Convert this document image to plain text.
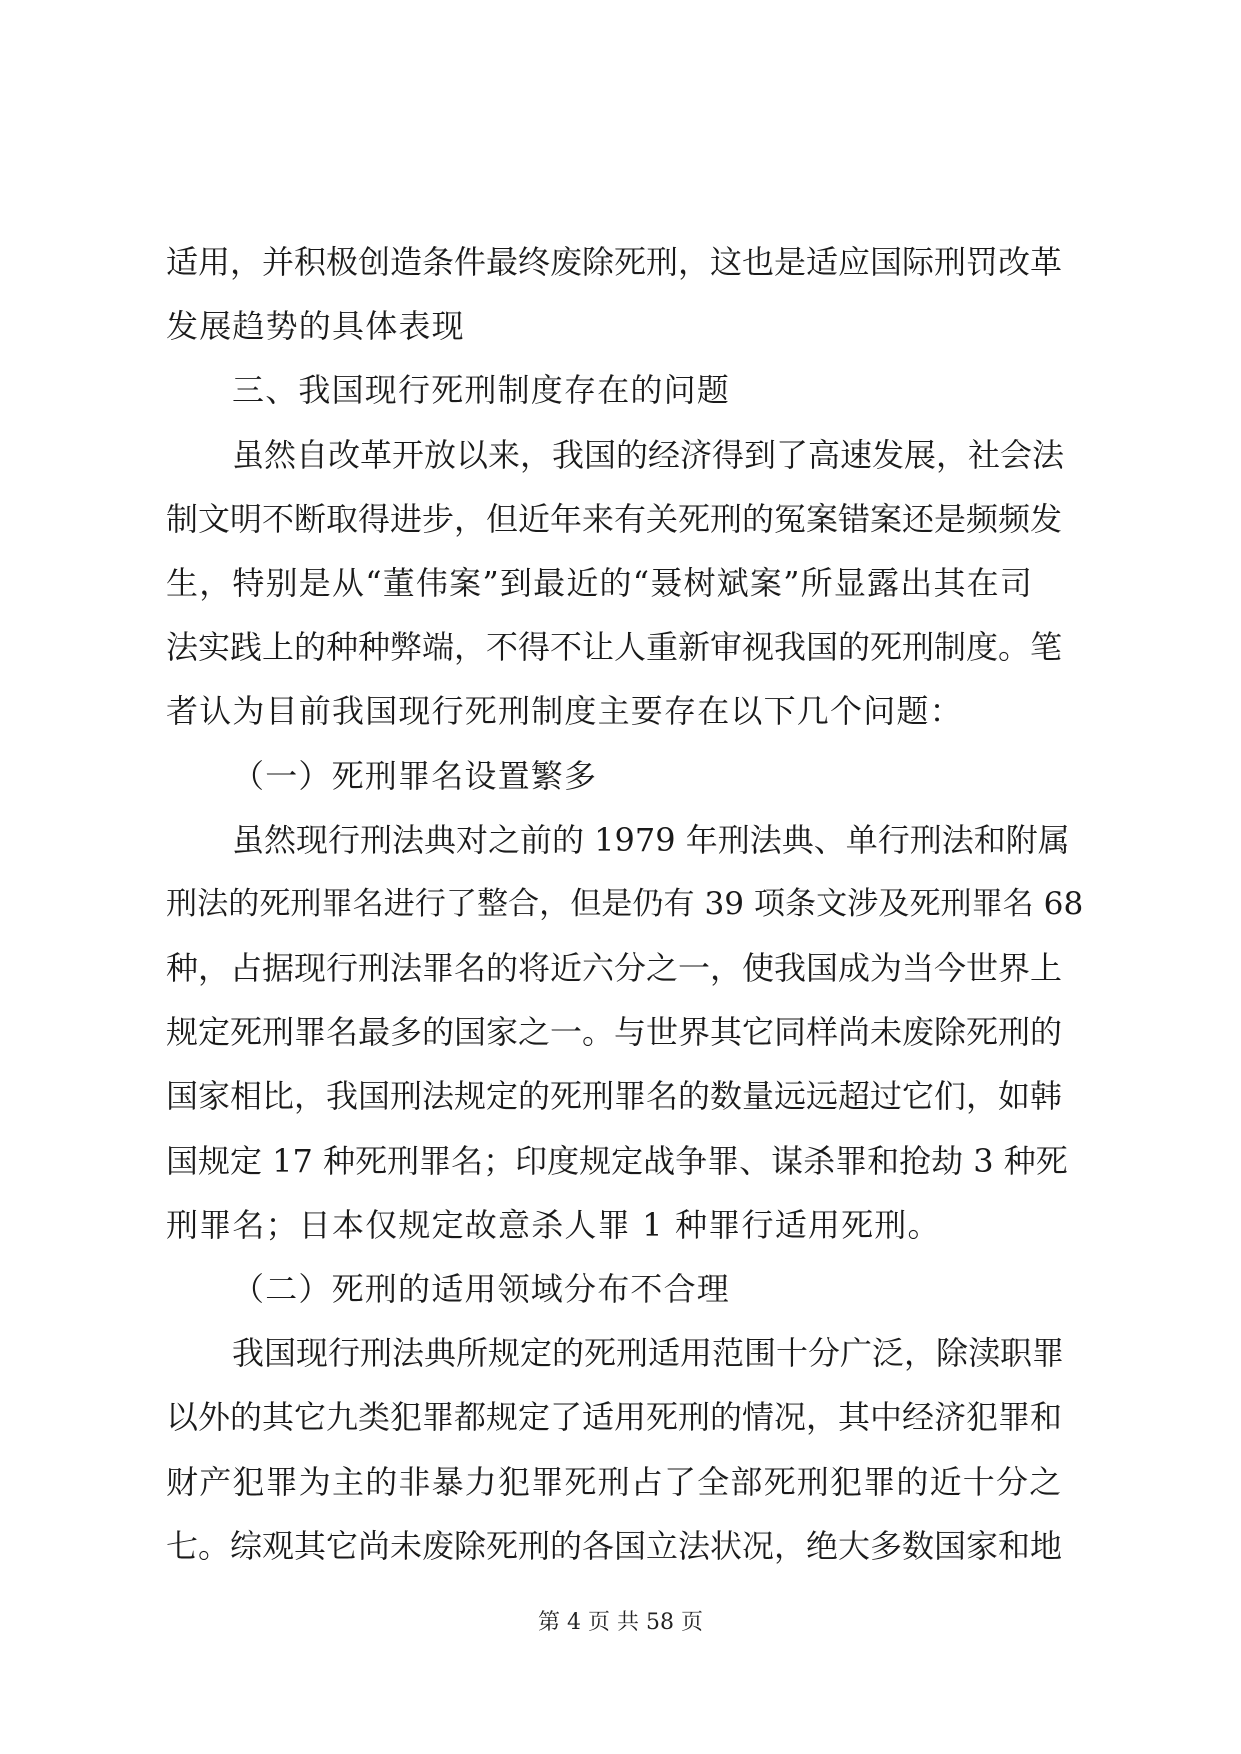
适用，并积极创造条件最终废除死刑，这也是适应国际刑罚改革
发展趋势的具体表现
三、我国现行死刑制度存在的问题
虽然自改革开放以来，我国的经济得到了高速发展，社会法
制文明不断取得进步，但近年来有关死刑的冤案错案还是频频发
生，特别是从“董伟案”到最近的“聂树斌案”所显露出其在司
法实践上的种种弊端，不得不让人重新审视我国的死刑制度。笔
者认为目前我国现行死刑制度主要存在以下几个问题：
（一）死刑罪名设置繁多
虽然现行刑法典对之前的 1979 年刑法典、单行刑法和附属
刑法的死刑罪名进行了整合，但是仍有 39 项条文涉及死刑罪名 68
种，占据现行刑法罪名的将近六分之一，使我国成为当今世界上
规定死刑罪名最多的国家之一。与世界其它同样尚未废除死刑的
国家相比，我国刑法规定的死刑罪名的数量远远超过它们，如韩
国规定 17 种死刑罪名；印度规定战争罪、谋杀罪和抢劫 3 种死
刑罪名；日本仅规定故意杀人罪 1 种罪行适用死刑。
（二）死刑的适用领域分布不合理
我国现行刑法典所规定的死刑适用范围十分广泛，除渎职罪
以外的其它九类犯罪都规定了适用死刑的情况，其中经济犯罪和
财产犯罪为主的非暴力犯罪死刑占了全部死刑犯罪的近十分之
七。综观其它尚未废除死刑的各国立法状况，绝大多数国家和地
第 4 页 共 58 页
